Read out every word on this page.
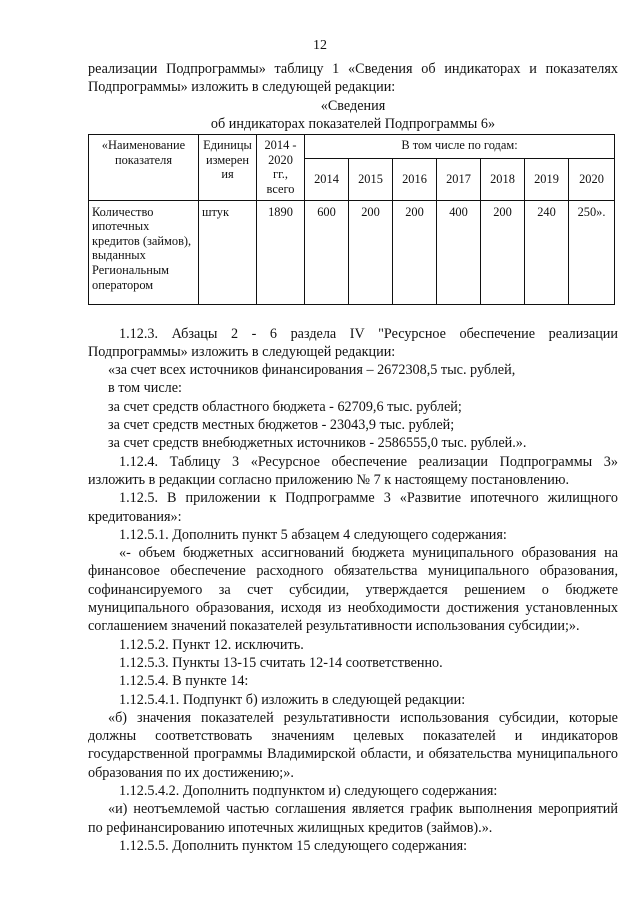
12

реализации Подпрограммы» таблицу 1 «Сведения об индикаторах и показателях

Подпрограммы» изложить в следующей редакции:

«Сведения

об индикаторах показателей Подпрограммы 6»

«Наименование показателя	Единицы измерен ия	2014 - 2020 гг., всего	В том числе по годам:						
			2014	2015	2016	2017	2018	2019	2020
Количество ипотечных кредитов (займов), выданных Региональным оператором	штук	1890	600	200	200	400	200	240	250».

1.12.3. Абзацы 2 - 6 раздела IV "Ресурсное обеспечение реализации Подпрограммы» изложить в следующей редакции:

«за счет всех источников финансирования – 2672308,5 тыс. рублей,

в том числе:

за счет средств областного бюджета - 62709,6 тыс. рублей;

за счет средств местных бюджетов - 23043,9 тыс. рублей;

за счет средств внебюджетных источников - 2586555,0 тыс. рублей.».

1.12.4. Таблицу 3 «Ресурсное обеспечение реализации Подпрограммы 3» изложить в редакции согласно приложению № 7 к настоящему постановлению.

1.12.5. В приложении к Подпрограмме 3 «Развитие ипотечного жилищного кредитования»:

1.12.5.1. Дополнить пункт 5 абзацем 4 следующего содержания:

«- объем бюджетных ассигнований бюджета муниципального образования на финансовое обеспечение расходного обязательства муниципального образования, софинансируемого за счет субсидии, утверждается решением о бюджете муниципального образования, исходя из необходимости достижения установленных соглашением значений показателей результативности использования субсидии;».

1.12.5.2. Пункт 12. исключить.

1.12.5.3. Пункты 13-15 считать 12-14 соответственно.

1.12.5.4. В пункте 14:

1.12.5.4.1. Подпункт б) изложить в следующей редакции:

«б) значения показателей результативности использования субсидии, которые должны соответствовать значениям целевых показателей и индикаторов государственной программы Владимирской области, и обязательства муниципального образования по их достижению;».

1.12.5.4.2. Дополнить подпунктом и) следующего содержания:

«и) неотъемлемой частью соглашения является график выполнения мероприятий по рефинансированию ипотечных жилищных кредитов (займов).».

1.12.5.5. Дополнить пунктом 15 следующего содержания:
